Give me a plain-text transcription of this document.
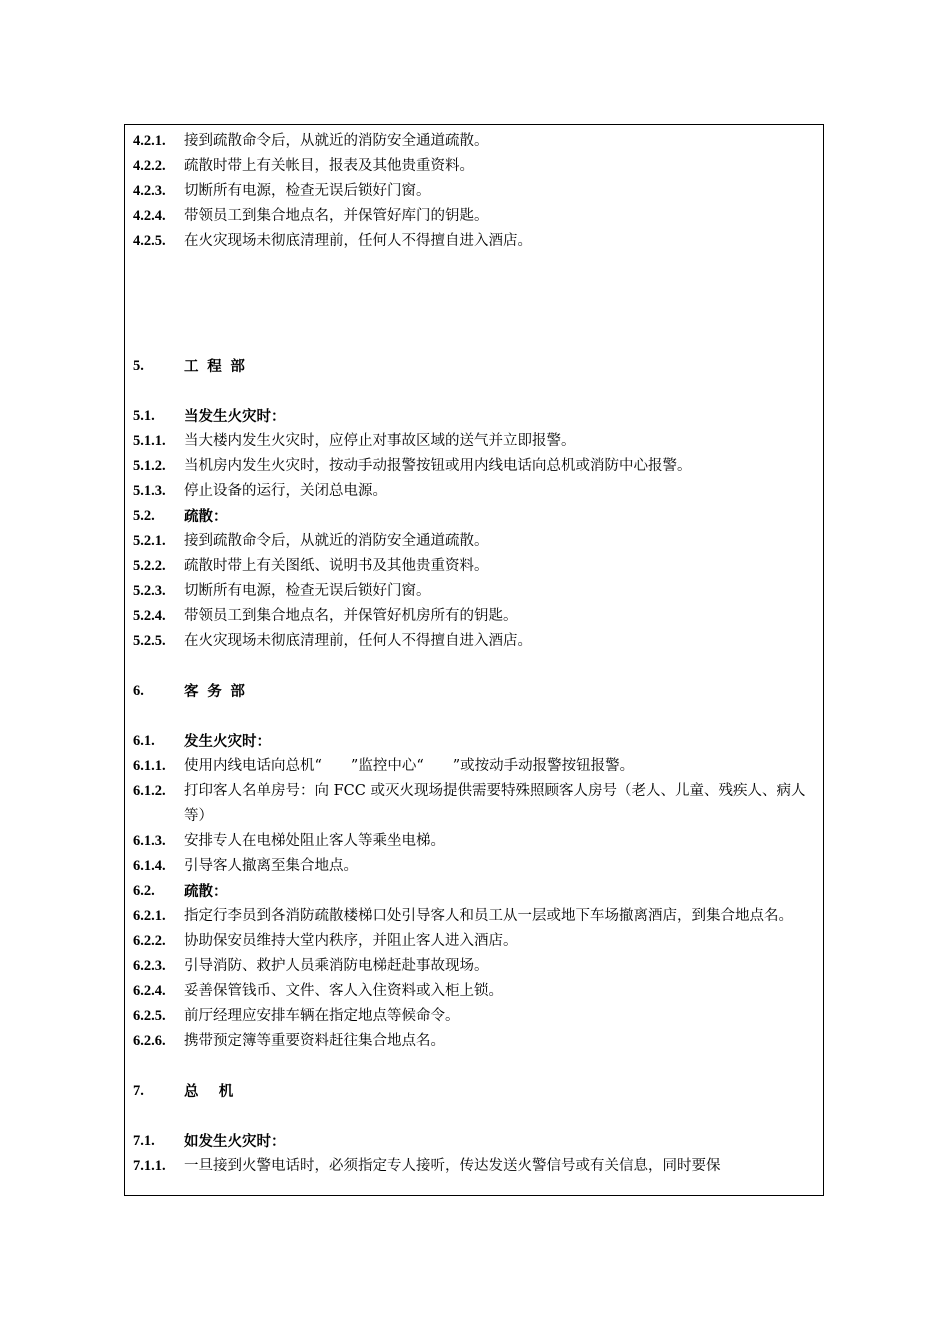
4.2.1.	接到疏散命令后，从就近的消防安全通道疏散。
4.2.2.	疏散时带上有关帐目，报表及其他贵重资料。
4.2.3.	切断所有电源，检查无误后锁好门窗。
4.2.4.	带领员工到集合地点名，并保管好库门的钥匙。
4.2.5.	在火灾现场未彻底清理前，任何人不得擅自进入酒店。
5.	工程部
5.1.	当发生火灾时：
5.1.1.	当大楼内发生火灾时，应停止对事故区域的送气并立即报警。
5.1.2.	当机房内发生火灾时，按动手动报警按钮或用内线电话向总机或消防中心报警。
5.1.3.	停止设备的运行，关闭总电源。
5.2.	疏散：
5.2.1.	接到疏散命令后，从就近的消防安全通道疏散。
5.2.2.	疏散时带上有关图纸、说明书及其他贵重资料。
5.2.3.	切断所有电源，检查无误后锁好门窗。
5.2.4.	带领员工到集合地点名，并保管好机房所有的钥匙。
5.2.5.	在火灾现场未彻底清理前，任何人不得擅自进入酒店。
6.	客务部
6.1.	发生火灾时：
6.1.1.	使用内线电话向总机“　　”监控中心“　　”或按动手动报警按钮报警。
6.1.2.	打印客人名单房号：向 FCC 或灭火现场提供需要特殊照顾客人房号（老人、儿童、残疾人、病人等）
6.1.3.	安排专人在电梯处阻止客人等乘坐电梯。
6.1.4.	引导客人撤离至集合地点。
6.2.	疏散：
6.2.1.	指定行李员到各消防疏散楼梯口处引导客人和员工从一层或地下车场撤离酒店，到集合地点名。
6.2.2.	协助保安员维持大堂内秩序，并阻止客人进入酒店。
6.2.3.	引导消防、救护人员乘消防电梯赶赴事故现场。
6.2.4.	妥善保管钱币、文件、客人入住资料或入柜上锁。
6.2.5.	前厅经理应安排车辆在指定地点等候命令。
6.2.6.	携带预定簿等重要资料赶往集合地点名。
7.	总机
7.1.	如发生火灾时：
7.1.1.	一旦接到火警电话时，必须指定专人接听，传达发送火警信号或有关信息，同时要保
